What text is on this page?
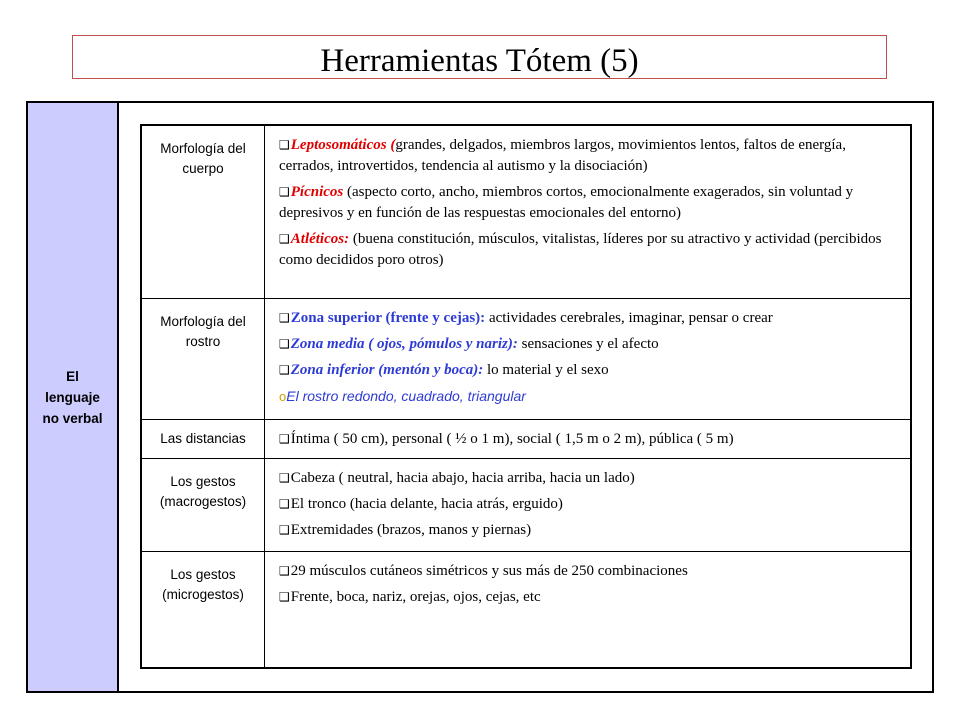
Herramientas Tótem (5)
El lenguaje no verbal
Morfología del cuerpo	❑Leptosomáticos (grandes, delgados, miembros largos, movimientos lentos, faltos de energía, cerrados, introvertidos, tendencia al autismo y la disociación)
❑Pícnicos (aspecto corto, ancho, miembros cortos, emocionalmente exagerados, sin voluntad y depresivos y en función de las respuestas emocionales del entorno)
❑Atléticos: (buena constitución, músculos, vitalistas, líderes por su atractivo y actividad (percibidos como decididos poro otros)

Morfología del rostro	❑Zona superior (frente y cejas): actividades cerebrales, imaginar, pensar o crear
❑Zona media ( ojos, pómulos y nariz): sensaciones y el afecto
❑Zona inferior (mentón y boca): lo material y el sexo
oEl rostro redondo, cuadrado, triangular

Las distancias	❑Íntima ( 50 cm), personal ( ½ o 1 m), social ( 1,5 m o 2 m), pública ( 5 m)

Los gestos (macrogestos)	❑Cabeza ( neutral, hacia abajo, hacia arriba, hacia un lado)
❑El tronco (hacia delante, hacia atrás, erguido)
❑Extremidades (brazos, manos y piernas)

Los gestos (microgestos)	❑29 músculos cutáneos simétricos y sus más de 250 combinaciones
❑Frente, boca, nariz, orejas, ojos, cejas, etc
